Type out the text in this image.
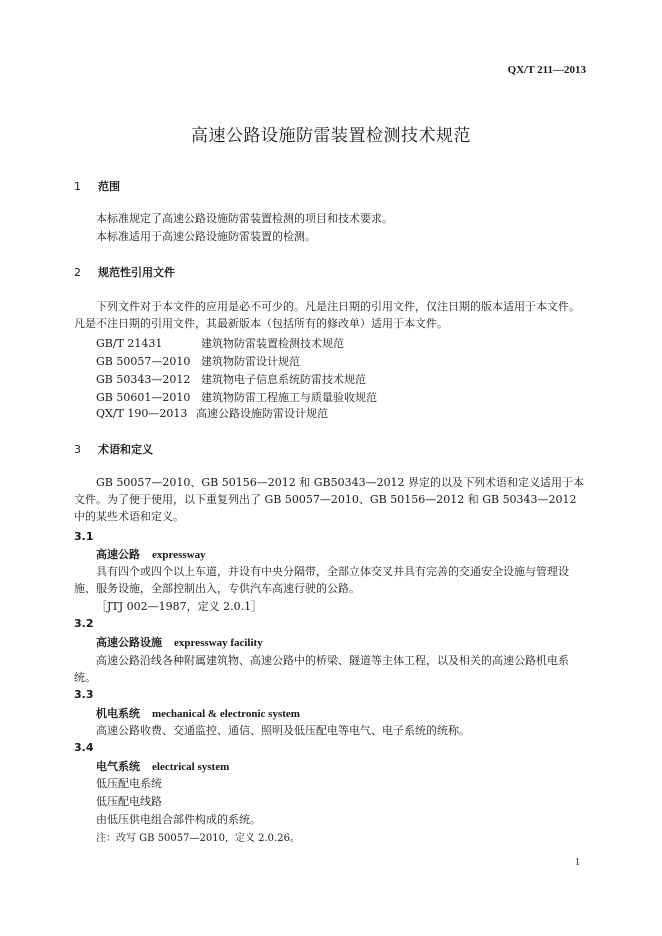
QX/T 211—2013
高速公路设施防雷装置检测技术规范
1 范围
本标准规定了高速公路设施防雷装置检测的项目和技术要求。
本标准适用于高速公路设施防雷装置的检测。
2 规范性引用文件
下列文件对于本文件的应用是必不可少的。凡是注日期的引用文件，仅注日期的版本适用于本文件。凡是不注日期的引用文件，其最新版本（包括所有的修改单）适用于本文件。
GB/T 21431	建筑物防雷装置检测技术规范
GB 50057—2010 建筑物防雷设计规范
GB 50343—2012 建筑物电子信息系统防雷技术规范
GB 50601—2010 建筑物防雷工程施工与质量验收规范
QX/T 190—2013 高速公路设施防雷设计规范
3 术语和定义
GB 50057—2010、GB 50156—2012 和 GB50343—2012 界定的以及下列术语和定义适用于本文件。为了便于使用，以下重复列出了 GB 50057—2010、GB 50156—2012 和 GB 50343—2012 中的某些术语和定义。
3.1
高速公路 expressway
具有四个或四个以上车道，并设有中央分隔带，全部立体交叉并具有完善的交通安全设施与管理设施、服务设施，全部控制出入，专供汽车高速行驶的公路。
［JTJ 002—1987，定义 2.0.1］
3.2
高速公路设施 expressway facility
高速公路沿线各种附属建筑物、高速公路中的桥梁、隧道等主体工程，以及相关的高速公路机电系统。
3.3
机电系统 mechanical & electronic system
高速公路收费、交通监控、通信、照明及低压配电等电气、电子系统的统称。
3.4
电气系统 electrical system
低压配电系统
低压配电线路
由低压供电组合部件构成的系统。
注：改写 GB 50057—2010，定义 2.0.26。
1
